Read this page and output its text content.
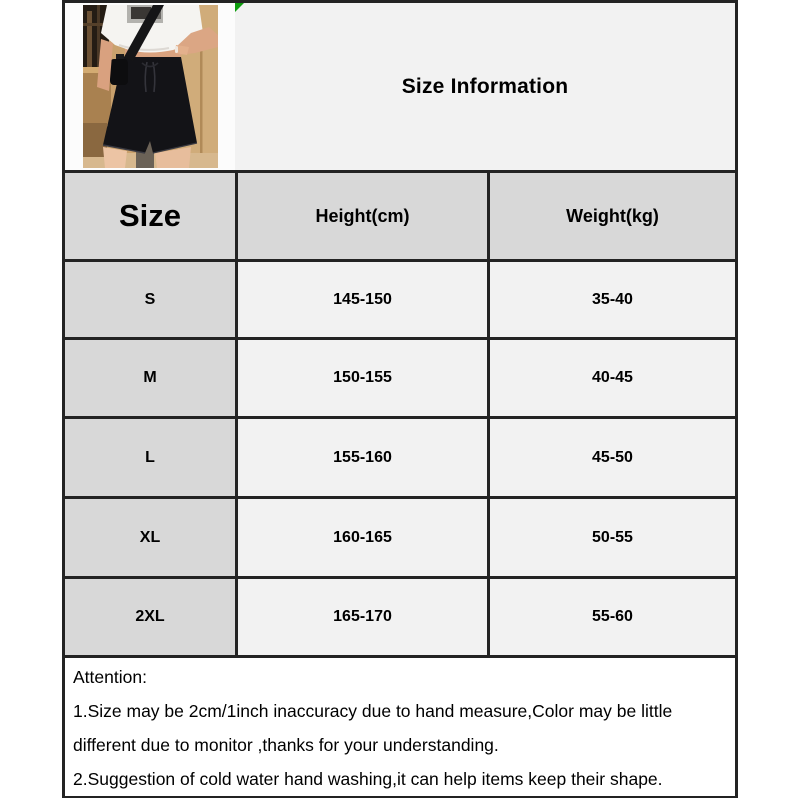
Size Information
Size	Height(cm)	Weight(kg)
S	145-150	35-40
M	150-155	40-45
L	155-160	45-50
XL	160-165	50-55
2XL	165-170	55-60
Attention:
1.Size may be 2cm/1inch inaccuracy due to hand measure,Color may be little different due to monitor ,thanks for your understanding.
2.Suggestion of cold water hand washing,it can help items keep their shape.
